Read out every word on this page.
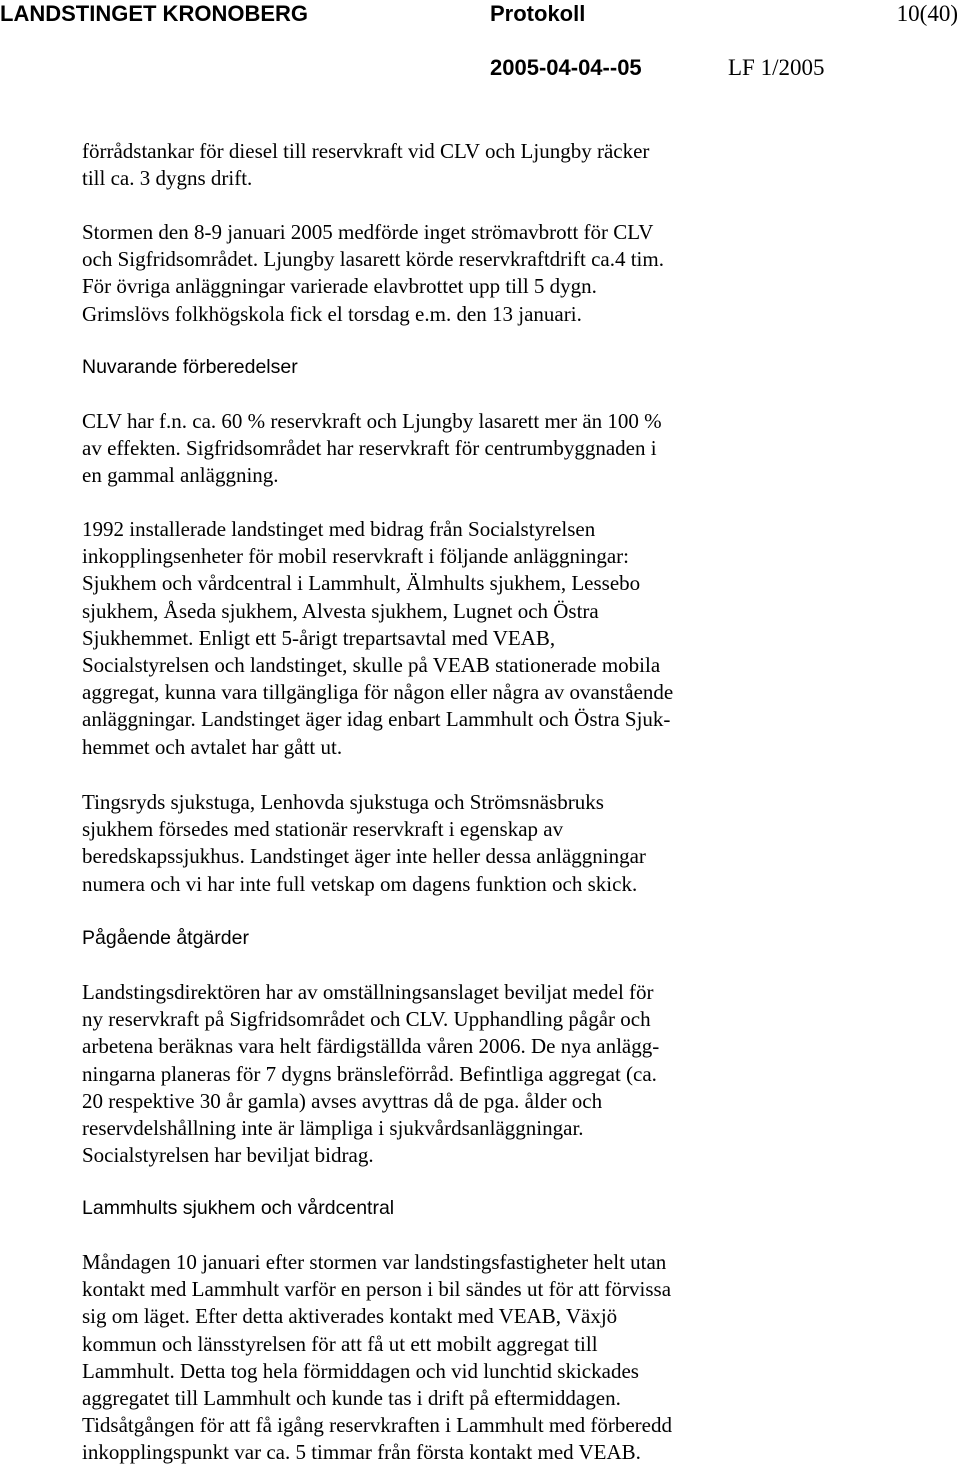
LANDSTINGET KRONOBERG	Protokoll	10(40)
2005-04-04--05	LF 1/2005
förrådstankar för diesel till reservkraft vid CLV och Ljungby räcker
till ca. 3 dygns drift.
Stormen den 8-9 januari 2005 medförde inget strömavbrott för CLV
och Sigfridsområdet. Ljungby lasarett körde reservkraftdrift ca.4 tim.
För övriga anläggningar varierade elavbrottet upp till 5 dygn.
Grimslövs folkhögskola fick el torsdag e.m. den 13 januari.
Nuvarande förberedelser
CLV har f.n. ca. 60 % reservkraft och Ljungby lasarett mer än 100 %
av effekten. Sigfridsområdet har reservkraft för centrumbyggnaden i
en gammal anläggning.
1992 installerade landstinget med bidrag från Socialstyrelsen
inkopplingsenheter för mobil reservkraft i följande anläggningar:
Sjukhem och vårdcentral i Lammhult, Älmhults sjukhem, Lessebo
sjukhem, Åseda sjukhem, Alvesta sjukhem, Lugnet och Östra
Sjukhemmet. Enligt ett 5-årigt trepartsavtal med VEAB,
Socialstyrelsen och landstinget, skulle på VEAB stationerade mobila
aggregat, kunna vara tillgängliga för någon eller några av ovanstående
anläggningar. Landstinget äger idag enbart Lammhult och Östra Sjuk-
hemmet och avtalet har gått ut.
Tingsryds sjukstuga, Lenhovda sjukstuga och Strömsnäsbruks
sjukhem försedes med stationär reservkraft i egenskap av
beredskapssjukhus. Landstinget äger inte heller dessa anläggningar
numera och vi har inte full vetskap om dagens funktion och skick.
Pågående åtgärder
Landstingsdirektören har av omställningsanslaget beviljat medel för
ny reservkraft på Sigfridsområdet och CLV. Upphandling pågår och
arbetena beräknas vara helt färdigställda våren 2006. De nya anlägg-
ningarna planeras för 7 dygns bränsleförråd. Befintliga aggregat (ca.
20 respektive 30 år gamla) avses avyttras då de pga. ålder och
reservdelshållning inte är lämpliga i sjukvårdsanläggningar.
Socialstyrelsen har beviljat bidrag.
Lammhults sjukhem och vårdcentral
Måndagen 10 januari efter stormen var landstingsfastigheter helt utan
kontakt med Lammhult varför en person i bil sändes ut för att förvissa
sig om läget. Efter detta aktiverades kontakt med VEAB, Växjö
kommun och länsstyrelsen för att få ut ett mobilt aggregat till
Lammhult. Detta tog hela förmiddagen och vid lunchtid skickades
aggregatet till Lammhult och kunde tas i drift på eftermiddagen.
Tidsåtgången för att få igång reservkraften i Lammhult med förberedd
inkopplingspunkt var ca. 5 timmar från första kontakt med VEAB.
